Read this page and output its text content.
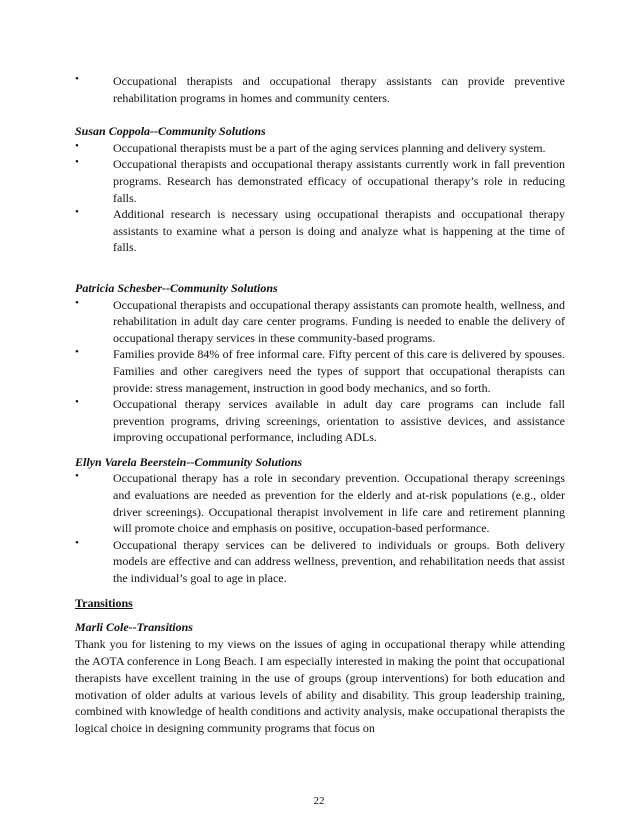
•	Occupational therapists and occupational therapy assistants can provide preventive rehabilitation programs in homes and community centers.
Susan Coppola--Community Solutions
•	Occupational therapists must be a part of the aging services planning and delivery system.
•	Occupational therapists and occupational therapy assistants currently work in fall prevention programs. Research has demonstrated efficacy of occupational therapy’s role in reducing falls.
•	Additional research is necessary using occupational therapists and occupational therapy assistants to examine what a person is doing and analyze what is happening at the time of falls.
Patricia Schesber--Community Solutions
•	Occupational therapists and occupational therapy assistants can promote health, wellness, and rehabilitation in adult day care center programs. Funding is needed to enable the delivery of occupational therapy services in these community-based programs.
•	Families provide 84% of free informal care. Fifty percent of this care is delivered by spouses. Families and other caregivers need the types of support that occupational therapists can provide: stress management, instruction in good body mechanics, and so forth.
•	Occupational therapy services available in adult day care programs can include fall prevention programs, driving screenings, orientation to assistive devices, and assistance improving occupational performance, including ADLs.
Ellyn Varela Beerstein--Community Solutions
•	Occupational therapy has a role in secondary prevention. Occupational therapy screenings and evaluations are needed as prevention for the elderly and at-risk populations (e.g., older driver screenings). Occupational therapist involvement in life care and retirement planning will promote choice and emphasis on positive, occupation-based performance.
•	Occupational therapy services can be delivered to individuals or groups. Both delivery models are effective and can address wellness, prevention, and rehabilitation needs that assist the individual’s goal to age in place.
Transitions
Marli Cole--Transitions
Thank you for listening to my views on the issues of aging in occupational therapy while attending the AOTA conference in Long Beach. I am especially interested in making the point that occupational therapists have excellent training in the use of groups (group interventions) for both education and motivation of older adults at various levels of ability and disability. This group leadership training, combined with knowledge of health conditions and activity analysis, make occupational therapists the logical choice in designing community programs that focus on
22
